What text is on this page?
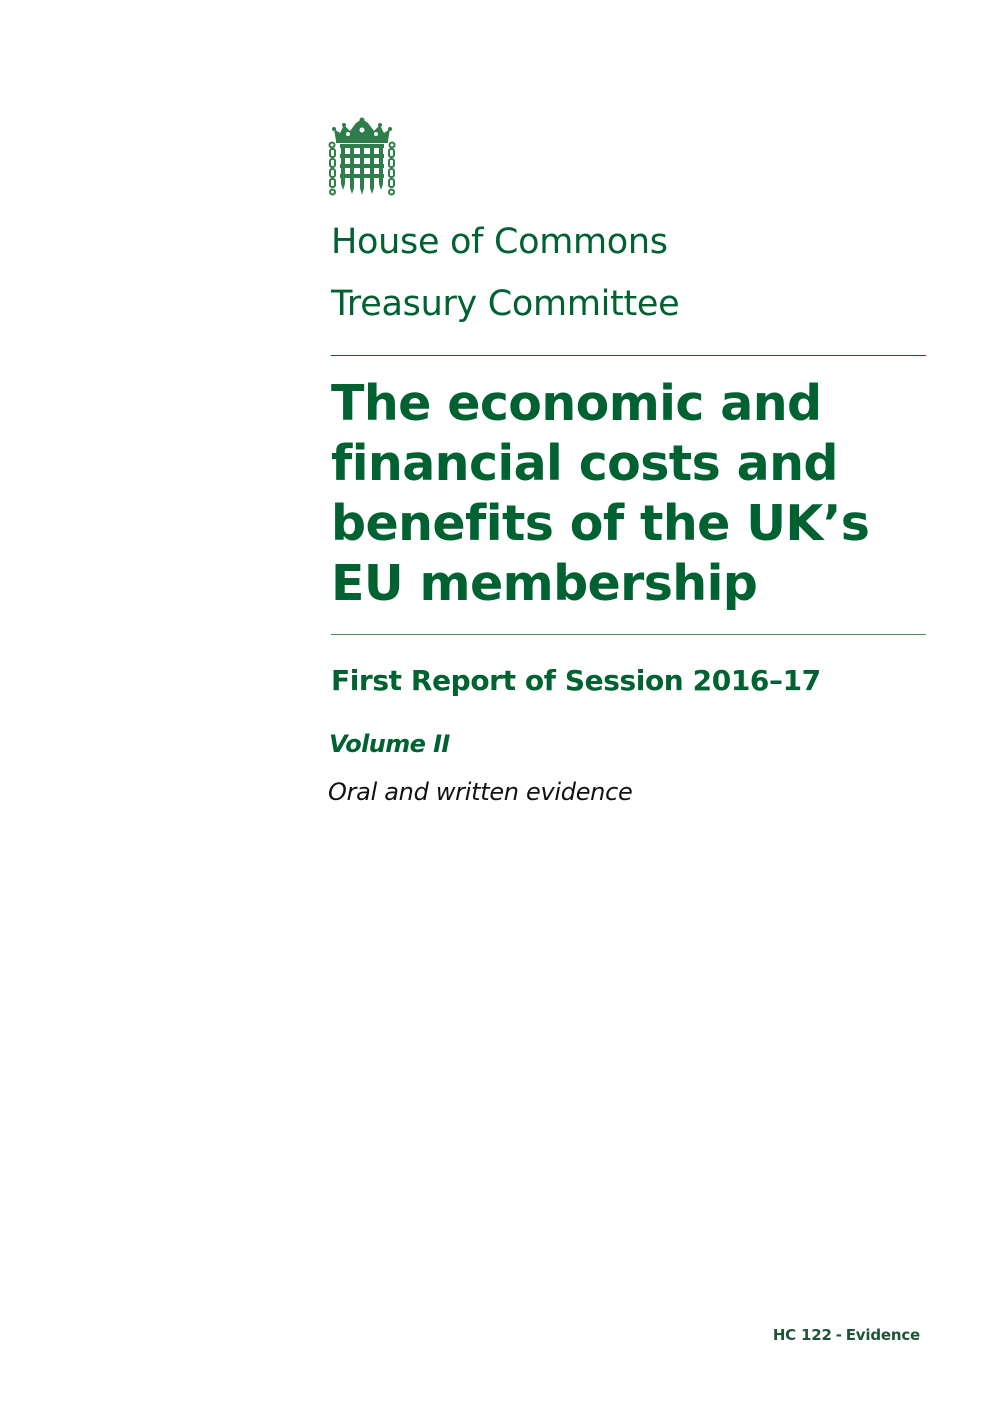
House of Commons
Treasury Committee
The economic and
financial costs and
benefits of the UK’s
EU membership
First Report of Session 2016–17
Volume II
Oral and written evidence
HC 122 - Evidence
